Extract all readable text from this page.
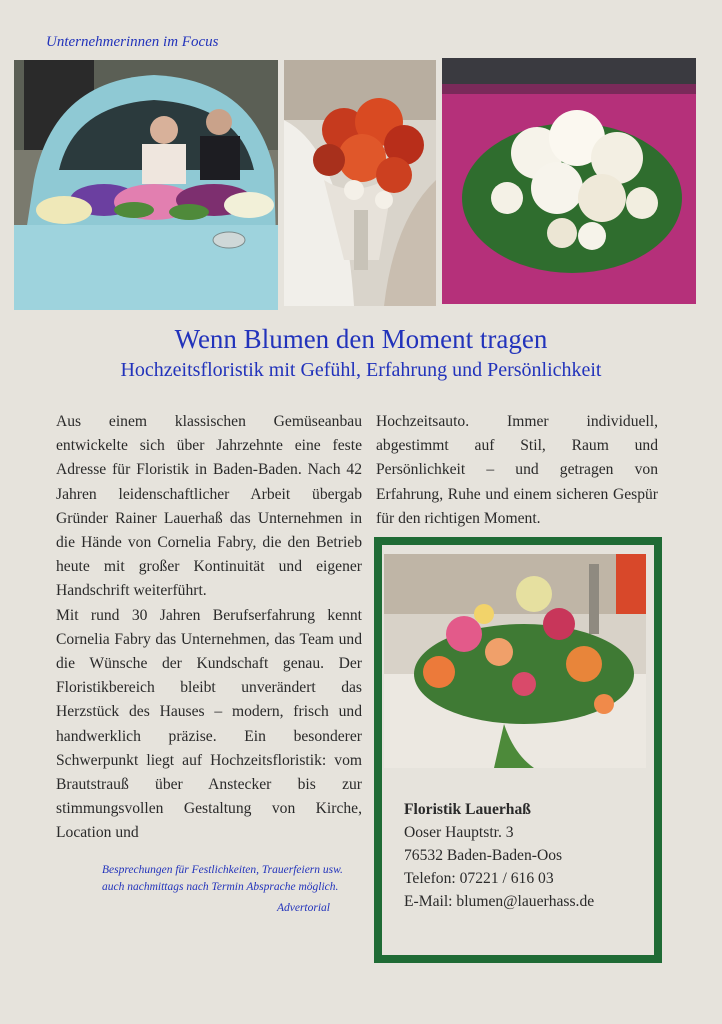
Unternehmerinnen im Focus
Wenn Blumen den Moment tragen
Hochzeitsfloristik mit Gefühl, Erfahrung und Persönlichkeit

Aus einem klassischen Gemüseanbau entwickelte sich über Jahrzehnte eine feste Adresse für Floristik in Baden-Baden. Nach 42 Jahren leidenschaftlicher Arbeit übergab Gründer Rainer Lauerhaß das Unternehmen in die Hände von Cornelia Fabry, die den Betrieb heute mit großer Kontinuität und eigener Handschrift weiterführt.

Mit rund 30 Jahren Berufserfahrung kennt Cornelia Fabry das Unternehmen, das Team und die Wünsche der Kundschaft genau. Der Floristikbereich bleibt unverändert das Herzstück des Hauses – modern, frisch und handwerklich präzise. Ein besonderer Schwerpunkt liegt auf Hochzeitsfloristik: vom Brautstrauß über Anstecker bis zur stimmungsvollen Gestaltung von Kirche, Location und

Hochzeitsauto. Immer individuell, abgestimmt auf Stil, Raum und Persönlichkeit – und getragen von Erfahrung, Ruhe und einem sicheren Gespür für den richtigen Moment.

Besprechungen für Festlichkeiten, Trauerfeiern usw. auch nachmittags nach Termin Absprache möglich.
Advertorial
Floristik Lauerhaß
Ooser Hauptstr. 3
76532 Baden-Baden-Oos
Telefon: 07221 / 616 03
E-Mail: blumen@lauerhass.de
